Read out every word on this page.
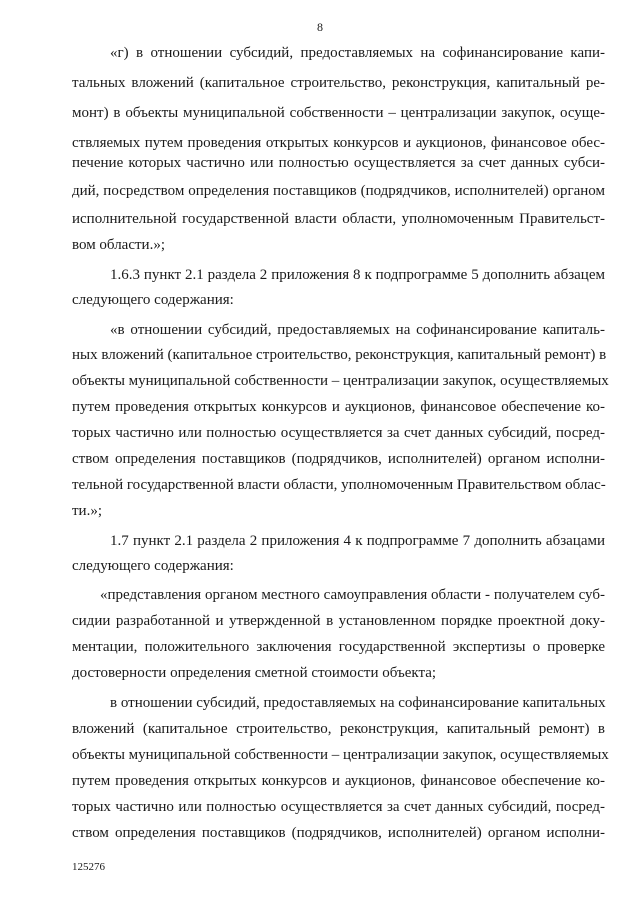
8
«г) в отношении субсидий, предоставляемых на софинансирование капи-
тальных вложений (капитальное строительство, реконструкция, капитальный ре-
монт) в объекты муниципальной собственности – централизации закупок, осуще-
ствляемых путем проведения открытых конкурсов и аукционов, финансовое обес-
печение которых частично или полностью осуществляется за счет данных субси-
дий, посредством определения поставщиков (подрядчиков, исполнителей) органом
исполнительной государственной власти области, уполномоченным Правительст-
вом области.»;
1.6.3 пункт 2.1 раздела 2 приложения 8 к подпрограмме 5 дополнить абзацем
следующего содержания:
«в отношении субсидий, предоставляемых на софинансирование капиталь-
ных вложений (капитальное строительство, реконструкция, капитальный ремонт) в
объекты муниципальной собственности – централизации закупок, осуществляемых
путем проведения открытых конкурсов и аукционов, финансовое обеспечение ко-
торых частично или полностью осуществляется за счет данных субсидий, посред-
ством определения поставщиков (подрядчиков, исполнителей) органом исполни-
тельной государственной власти области, уполномоченным Правительством облас-
ти.»;
1.7 пункт 2.1 раздела 2 приложения 4 к подпрограмме 7 дополнить абзацами
следующего содержания:
«представления органом местного самоуправления области - получателем суб-
сидии разработанной и утвержденной в установленном порядке проектной доку-
ментации, положительного заключения государственной экспертизы о проверке
достоверности определения сметной стоимости объекта;
в отношении субсидий, предоставляемых на софинансирование капитальных
вложений (капитальное строительство, реконструкция, капитальный ремонт) в
объекты муниципальной собственности – централизации закупок, осуществляемых
путем проведения открытых конкурсов и аукционов, финансовое обеспечение ко-
торых частично или полностью осуществляется за счет данных субсидий, посред-
ством определения поставщиков (подрядчиков, исполнителей) органом исполни-
125276
